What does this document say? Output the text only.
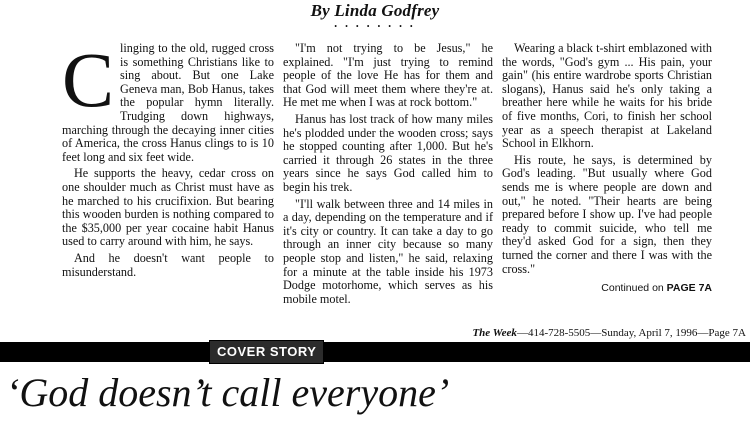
By Linda Godfrey
• • • • • • • •

Clinging to the old, rugged cross is something Christians like to sing about. But one Lake Geneva man, Bob Hanus, takes the popular hymn literally. Trudging down highways, marching through the decaying inner cities of America, the cross Hanus clings to is 10 feet long and six feet wide.

He supports the heavy, cedar cross on one shoulder much as Christ must have as he marched to his crucifixion. But bearing this wooden burden is nothing compared to the $35,000 per year cocaine habit Hanus used to carry around with him, he says.

And he doesn't want people to misunderstand.

"I'm not trying to be Jesus," he explained. "I'm just trying to remind people of the love He has for them and that God will meet them where they're at. He met me when I was at rock bottom."

Hanus has lost track of how many miles he's plodded under the wooden cross; says he stopped counting after 1,000. But he's carried it through 26 states in the three years since he says God called him to begin his trek.

"I'll walk between three and 14 miles in a day, depending on the temperature and if it's city or country. It can take a day to go through an inner city because so many people stop and listen," he said, relaxing for a minute at the table inside his 1973 Dodge motorhome, which serves as his mobile motel.

Wearing a black t-shirt emblazoned with the words, "God's gym ... His pain, your gain" (his entire wardrobe sports Christian slogans), Hanus said he's only taking a breather here while he waits for his bride of five months, Cori, to finish her school year as a speech therapist at Lakeland School in Elkhorn.

His route, he says, is determined by God's leading. "But usually where God sends me is where people are down and out," he noted. "Their hearts are being prepared before I show up. I've had people ready to commit suicide, who tell me they'd asked God for a sign, then they turned the corner and there I was with the cross."

Continued on PAGE 7A
The Week—414-728-5505—Sunday, April 7, 1996—Page 7A
COVER STORY
‘God doesn’t call everyone’
